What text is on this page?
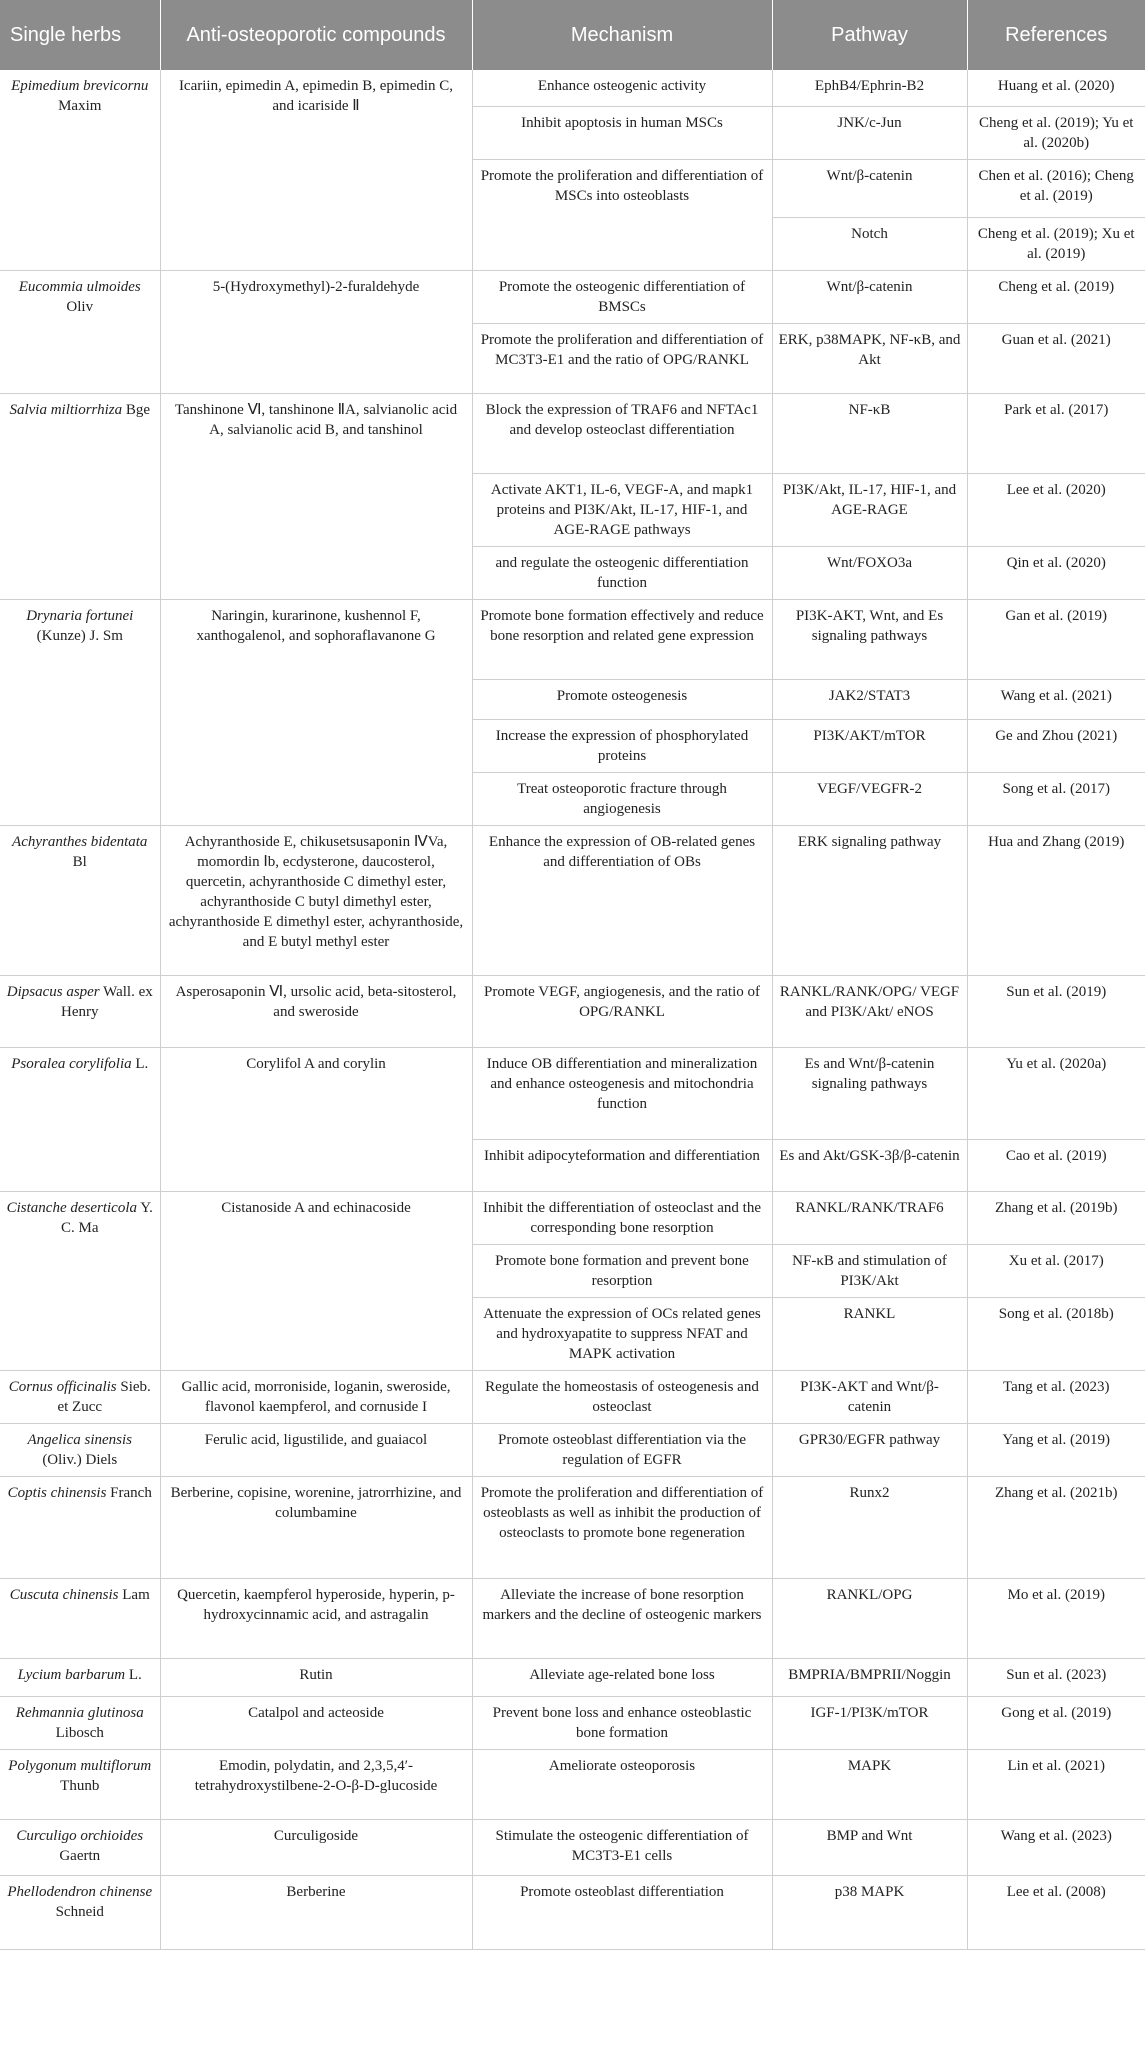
Single herbs	Anti-osteoporotic compounds	Mechanism	Pathway	References
Epimedium brevicornu Maxim	Icariin, epimedin A, epimedin B, epimedin C, and icariside Ⅱ	Enhance osteogenic activity	EphB4/Ephrin-B2	Huang et al. (2020)
		Inhibit apoptosis in human MSCs	JNK/c-Jun	Cheng et al. (2019); Yu et al. (2020b)
		Promote the proliferation and differentiation of MSCs into osteoblasts	Wnt/β-catenin	Chen et al. (2016); Cheng et al. (2019)
			Notch	Cheng et al. (2019); Xu et al. (2019)
Eucommia ulmoides Oliv	5-(Hydroxymethyl)-2-furaldehyde	Promote the osteogenic differentiation of BMSCs	Wnt/β-catenin	Cheng et al. (2019)
		Promote the proliferation and differentiation of MC3T3-E1 and the ratio of OPG/RANKL	ERK, p38MAPK, NF-κB, and Akt	Guan et al. (2021)
Salvia miltiorrhiza Bge	Tanshinone Ⅵ, tanshinone ⅡA, salvianolic acid A, salvianolic acid B, and tanshinol	Block the expression of TRAF6 and NFTAc1 and develop osteoclast differentiation	NF-κB	Park et al. (2017)
		Activate AKT1, IL-6, VEGF-A, and mapk1 proteins and PI3K/Akt, IL-17, HIF-1, and AGE-RAGE pathways	PI3K/Akt, IL-17, HIF-1, and AGE-RAGE	Lee et al. (2020)
		and regulate the osteogenic differentiation function	Wnt/FOXO3a	Qin et al. (2020)
Drynaria fortunei (Kunze) J. Sm	Naringin, kurarinone, kushennol F, xanthogalenol, and sophoraflavanone G	Promote bone formation effectively and reduce bone resorption and related gene expression	PI3K-AKT, Wnt, and Es signaling pathways	Gan et al. (2019)
		Promote osteogenesis	JAK2/STAT3	Wang et al. (2021)
		Increase the expression of phosphorylated proteins	PI3K/AKT/mTOR	Ge and Zhou (2021)
		Treat osteoporotic fracture through angiogenesis	VEGF/VEGFR-2	Song et al. (2017)
Achyranthes bidentata Bl	Achyranthoside E, chikusetsusaponin ⅣVa, momordin Ⅰb, ecdysterone, daucosterol, quercetin, achyranthoside C dimethyl ester, achyranthoside C butyl dimethyl ester, achyranthoside E dimethyl ester, achyranthoside, and E butyl methyl ester	Enhance the expression of OB-related genes and differentiation of OBs	ERK signaling pathway	Hua and Zhang (2019)
Dipsacus asper Wall. ex Henry	Asperosaponin Ⅵ, ursolic acid, beta-sitosterol, and sweroside	Promote VEGF, angiogenesis, and the ratio of OPG/RANKL	RANKL/RANK/OPG/ VEGF and PI3K/Akt/ eNOS	Sun et al. (2019)
Psoralea corylifolia L.	Corylifol A and corylin	Induce OB differentiation and mineralization and enhance osteogenesis and mitochondria function	Es and Wnt/β-catenin signaling pathways	Yu et al. (2020a)
		Inhibit adipocyteformation and differentiation	Es and Akt/GSK-3β/β-catenin	Cao et al. (2019)
Cistanche deserticola Y. C. Ma	Cistanoside A and echinacoside	Inhibit the differentiation of osteoclast and the corresponding bone resorption	RANKL/RANK/TRAF6	Zhang et al. (2019b)
		Promote bone formation and prevent bone resorption	NF-κB and stimulation of PI3K/Akt	Xu et al. (2017)
		Attenuate the expression of OCs related genes and hydroxyapatite to suppress NFAT and MAPK activation	RANKL	Song et al. (2018b)
Cornus officinalis Sieb. et Zucc	Gallic acid, morroniside, loganin, sweroside, flavonol kaempferol, and cornuside I	Regulate the homeostasis of osteogenesis and osteoclast	PI3K-AKT and Wnt/β-catenin	Tang et al. (2023)
Angelica sinensis (Oliv.) Diels	Ferulic acid, ligustilide, and guaiacol	Promote osteoblast differentiation via the regulation of EGFR	GPR30/EGFR pathway	Yang et al. (2019)
Coptis chinensis Franch	Berberine, copisine, worenine, jatrorrhizine, and columbamine	Promote the proliferation and differentiation of osteoblasts as well as inhibit the production of osteoclasts to promote bone regeneration	Runx2	Zhang et al. (2021b)
Cuscuta chinensis Lam	Quercetin, kaempferol hyperoside, hyperin, p-hydroxycinnamic acid, and astragalin	Alleviate the increase of bone resorption markers and the decline of osteogenic markers	RANKL/OPG	Mo et al. (2019)
Lycium barbarum L.	Rutin	Alleviate age-related bone loss	BMPRIA/BMPRII/Noggin	Sun et al. (2023)
Rehmannia glutinosa Libosch	Catalpol and acteoside	Prevent bone loss and enhance osteoblastic bone formation	IGF-1/PI3K/mTOR	Gong et al. (2019)
Polygonum multiflorum Thunb	Emodin, polydatin, and 2,3,5,4′-tetrahydroxystilbene-2-O-β-D-glucoside	Ameliorate osteoporosis	MAPK	Lin et al. (2021)
Curculigo orchioides Gaertn	Curculigoside	Stimulate the osteogenic differentiation of MC3T3-E1 cells	BMP and Wnt	Wang et al. (2023)
Phellodendron chinense Schneid	Berberine	Promote osteoblast differentiation	p38 MAPK	Lee et al. (2008)
